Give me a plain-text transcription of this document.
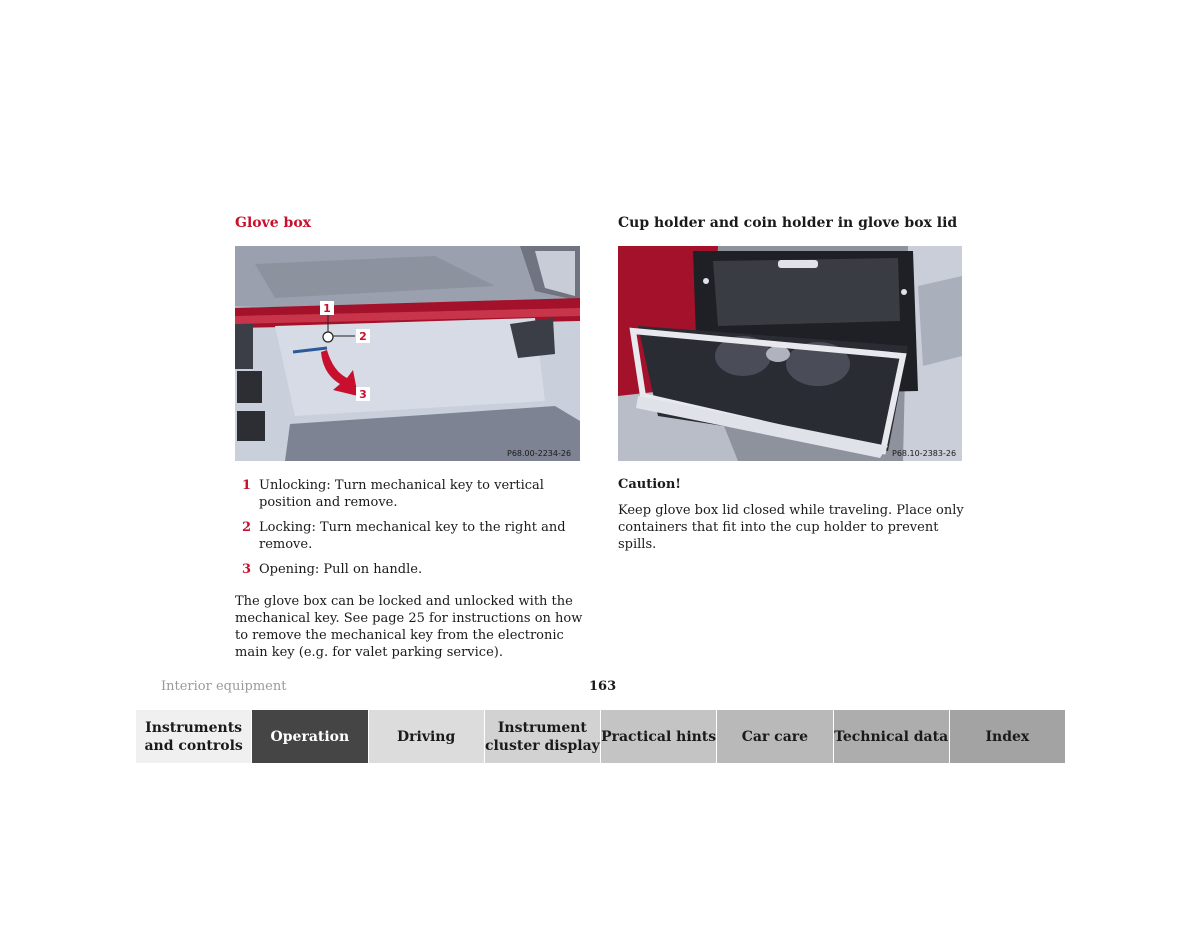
Glove box	Cup holder and coin holder in glove box lid
1
2
3
P68.00-2234-26	P68.10-2383-26
1 Unlocking: Turn mechanical key to vertical position and remove.
2 Locking: Turn mechanical key to the right and remove.
3 Opening: Pull on handle.
The glove box can be locked and unlocked with the mechanical key. See page 25 for instructions on how to remove the mechanical key from the electronic main key (e.g. for valet parking service).
Caution!
Keep glove box lid closed while traveling. Place only containers that fit into the cup holder to prevent spills.
Interior equipment	163
Instruments and controls
Operation	Driving
Instrument cluster display
Practical hints	Car care	Technical data	Index
